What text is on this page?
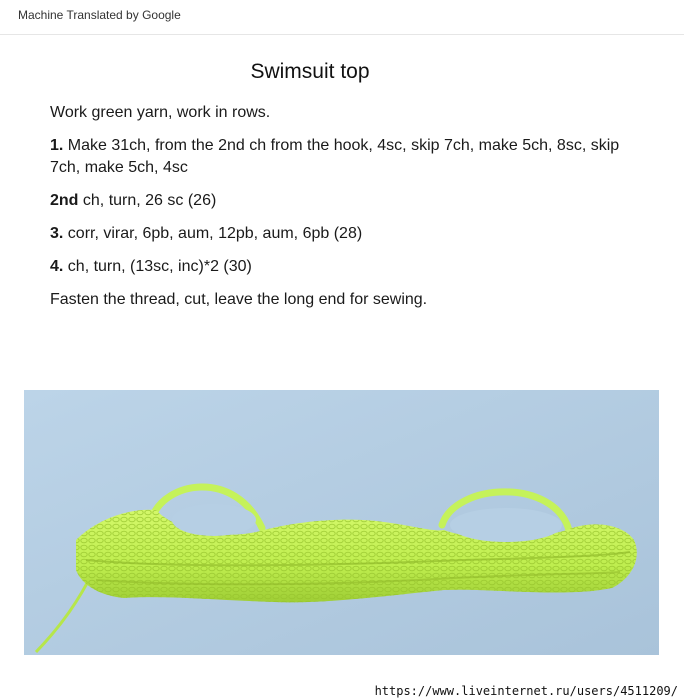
Machine Translated by Google
Swimsuit top

Work green yarn, work in rows.

1. Make 31ch, from the 2nd ch from the hook, 4sc, skip 7ch, make 5ch, 8sc, skip 7ch, make 5ch, 4sc

2nd ch, turn, 26 sc (26)

3. corr, virar, 6pb, aum, 12pb, aum, 6pb (28)

4. ch, turn, (13sc, inc)*2 (30)

Fasten the thread, cut, leave the long end for sewing.

https://www.liveinternet.ru/users/4511209/
